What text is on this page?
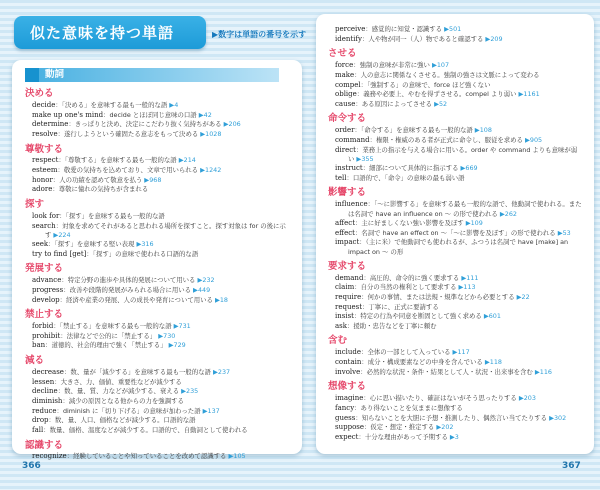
似た意味を持つ単語	▶数字は単語の番号を示す
動詞
決める
decide：「決める」を意味する最も一般的な語 ▶4
make up one's mind：decide とほぼ同じ意味の口語 ▶42
determine：きっぱりと決め、決定にこだわり抜く気持ちがある ▶206
resolve：遂行しようという確固たる意志をもって決める ▶1028
尊敬する
respect：「尊敬する」を意味する最も一般的な語 ▶214
esteem：敬愛の気持ちを込めており、文章で用いられる ▶1242
honor：人の功績を認めて敬意を払う ▶968
adore：尊敬に憧れの気持ちが含まれる
探す
look for：「探す」を意味する最も一般的な語
search：対象を求めてそれがあると思われる場所を探すこと。探す対象は for の後に示す ▶224
seek：「探す」を意味する堅い表現 ▶316
try to find [get]：「探す」の意味で使われる口語的な語
発展する
advance：特定分野の進歩や具体的発展について用いる ▶232
progress：改善や段階的発展がみられる場合に用いる ▶449
develop：経済や産業の発展、人の成長や発育について用いる ▶18
禁止する
forbid：「禁止する」を意味する最も一般的な語 ▶731
prohibit：法律などで公的に「禁止する」 ▶730
ban：道徳的、社会的理由で強く「禁止する」 ▶729
減る
decrease：数、量が「減少する」を意味する最も一般的な語 ▶237
lessen：大きさ、力、価値、重要性などが減少する
decline：数、量、質、力などが減少する、衰える ▶235
diminish：減少の原因となる他からの力を強調する
reduce：diminish に「切り下げる」の意味が加わった語 ▶137
drop：数、量、人口、価格などが減少する。口語的な語
fall：数量、価格、温度などが減少する。口語的で、自動詞として使われる
認識する
recognize：経験していることや知っていることを改めて認識する ▶105
perceive：感覚的に知覚・認識する ▶501
identify：人や物が同一（人）物であると確認する ▶209
させる
force：強制の意味が非常に強い ▶107
make：人の意志に関係なくさせる。強制の強さは文脈によって変わる
compel：「強制する」の意味で、force ほど強くない
oblige：義務や必要上、やむを得ずさせる。compel より弱い ▶1161
cause：ある原因によってさせる ▶52
命令する
order：「命令する」を意味する最も一般的な語 ▶108
command：権限・権威のある者が正式に命令し、服従を求める ▶905
direct：業務上の指示を与える場合に用いる。order や command よりも意味が弱い ▶355
instruct：細部について具体的に指示する ▶669
tell：口語的で、「命令」の意味の最も弱い語
影響する
influence：「〜に影響する」を意味する最も一般的な語で、他動詞で使われる。または名詞で have an influence on 〜 の形で使われる ▶262
affect：主に好ましくない強い影響を及ぼす ▶109
effect：名詞で have an effect on 〜「〜に影響を及ぼす」の形で使われる ▶53
impact：（主に米）で他動詞でも使われるが、ふつうは名詞で have [make] an impact on 〜 の形
要求する
demand：高圧的、命令的に強く要求する ▶111
claim：自分の当然の権利として要求する ▶113
require：何かの事情、または法規・規準などから必要とする ▶22
request：丁寧に、正式に要請する
insist：特定の行為や同意を断固として強く求める ▶601
ask：援助・忠告などを丁寧に頼む
含む
include：全体の一部として入っている ▶117
contain：成分・構成要素などの中身を含んでいる ▶118
involve：必然的な状況・条件・結果として人・状況・出来事を含む ▶116
想像する
imagine：心に思い描いたり、確証はないがそう思ったりする ▶203
fancy：あり得ないことを気ままに想像する
guess：知らないことを大胆に予想・推測したり、偶然言い当てたりする ▶302
suppose：仮定・想定・推定する ▶202
expect：十分な理由があって予期する ▶3
366	367
